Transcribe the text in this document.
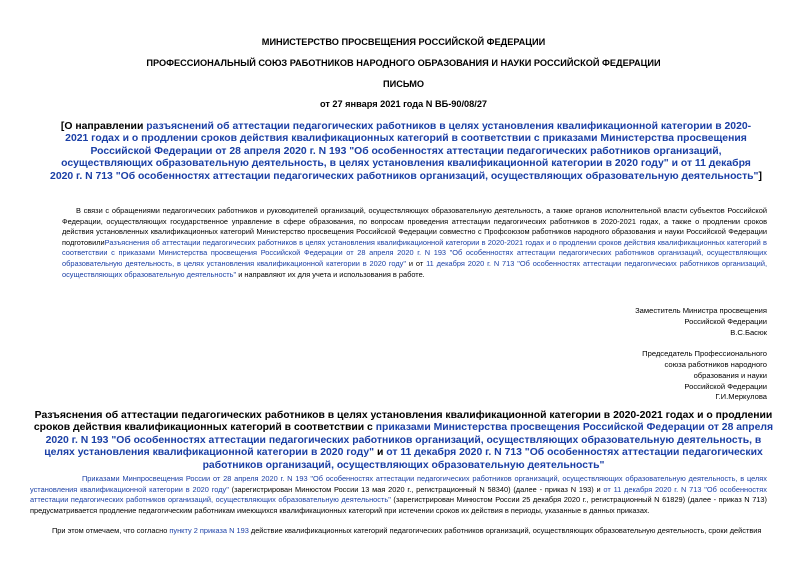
МИНИСТЕРСТВО ПРОСВЕЩЕНИЯ РОССИЙСКОЙ ФЕДЕРАЦИИ
ПРОФЕССИОНАЛЬНЫЙ СОЮЗ РАБОТНИКОВ НАРОДНОГО ОБРАЗОВАНИЯ И НАУКИ РОССИЙСКОЙ ФЕДЕРАЦИИ
ПИСЬМО
от 27 января 2021 года N ВБ-90/08/27
[О направлении разъяснений об аттестации педагогических работников в целях установления квалификационной категории в 2020-2021 годах и о продлении сроков действия квалификационных категорий в соответствии с приказами Министерства просвещения Российской Федерации от 28 апреля 2020 г. N 193 "Об особенностях аттестации педагогических работников организаций, осуществляющих образовательную деятельность, в целях установления квалификационной категории в 2020 году" и от 11 декабря 2020 г. N 713 "Об особенностях аттестации педагогических работников организаций, осуществляющих образовательную деятельность"]
В связи с обращениями педагогических работников и руководителей организаций, осуществляющих образовательную деятельность, а также органов исполнительной власти субъектов Российской Федерации, осуществляющих государственное управление в сфере образования, по вопросам проведения аттестации педагогических работников в 2020-2021 годах, а также о продлении сроков действия установленных квалификационных категорий Министерство просвещения Российской Федерации совместно с Профсоюзом работников народного образования и науки Российской Федерации подготовилиРазъяснения об аттестации педагогических работников в целях установления квалификационной категории в 2020-2021 годах и о продлении сроков действия квалификационных категорий в соответствии с приказами Министерства просвещения Российской Федерации от 28 апреля 2020 г. N 193 "Об особенностях аттестации педагогических работников организаций, осуществляющих образовательную деятельность, в целях установления квалификационной категории в 2020 году" и от 11 декабря 2020 г. N 713 "Об особенностях аттестации педагогических работников организаций, осуществляющих образовательную деятельность" и направляют их для учета и использования в работе.
Заместитель Министра просвещения
Российской Федерации
В.С.Басюк
Председатель Профессионального
союза работников народного
образования и науки
Российской Федерации
Г.И.Меркулова
Разъяснения об аттестации педагогических работников в целях установления квалификационной категории в 2020-2021 годах и о продлении сроков действия квалификационных категорий в соответствии с приказами Министерства просвещения Российской Федерации от 28 апреля 2020 г. N 193 "Об особенностях аттестации педагогических работников организаций, осуществляющих образовательную деятельность, в целях установления квалификационной категории в 2020 году" и от 11 декабря 2020 г. N 713 "Об особенностях аттестации педагогических работников организаций, осуществляющих образовательную деятельность"
Приказами Минпросвещения России от 28 апреля 2020 г. N 193 "Об особенностях аттестации педагогических работников организаций, осуществляющих образовательную деятельность, в целях установления квалификационной категории в 2020 году" (зарегистрирован Минюстом России 13 мая 2020 г., регистрационный N 58340) (далее - приказ N 193) и от 11 декабря 2020 г. N 713 "Об особенностях аттестации педагогических работников организаций, осуществляющих образовательную деятельность" (зарегистрирован Минюстом России 25 декабря 2020 г., регистрационный N 61829) (далее - приказ N 713) предусматривается продление педагогическим работникам имеющихся квалификационных категорий при истечении сроков их действия в периоды, указанные в данных приказах.
При этом отмечаем, что согласно пункту 2 приказа N 193 действие квалификационных категорий педагогических работников организаций, осуществляющих образовательную деятельность, сроки действия
